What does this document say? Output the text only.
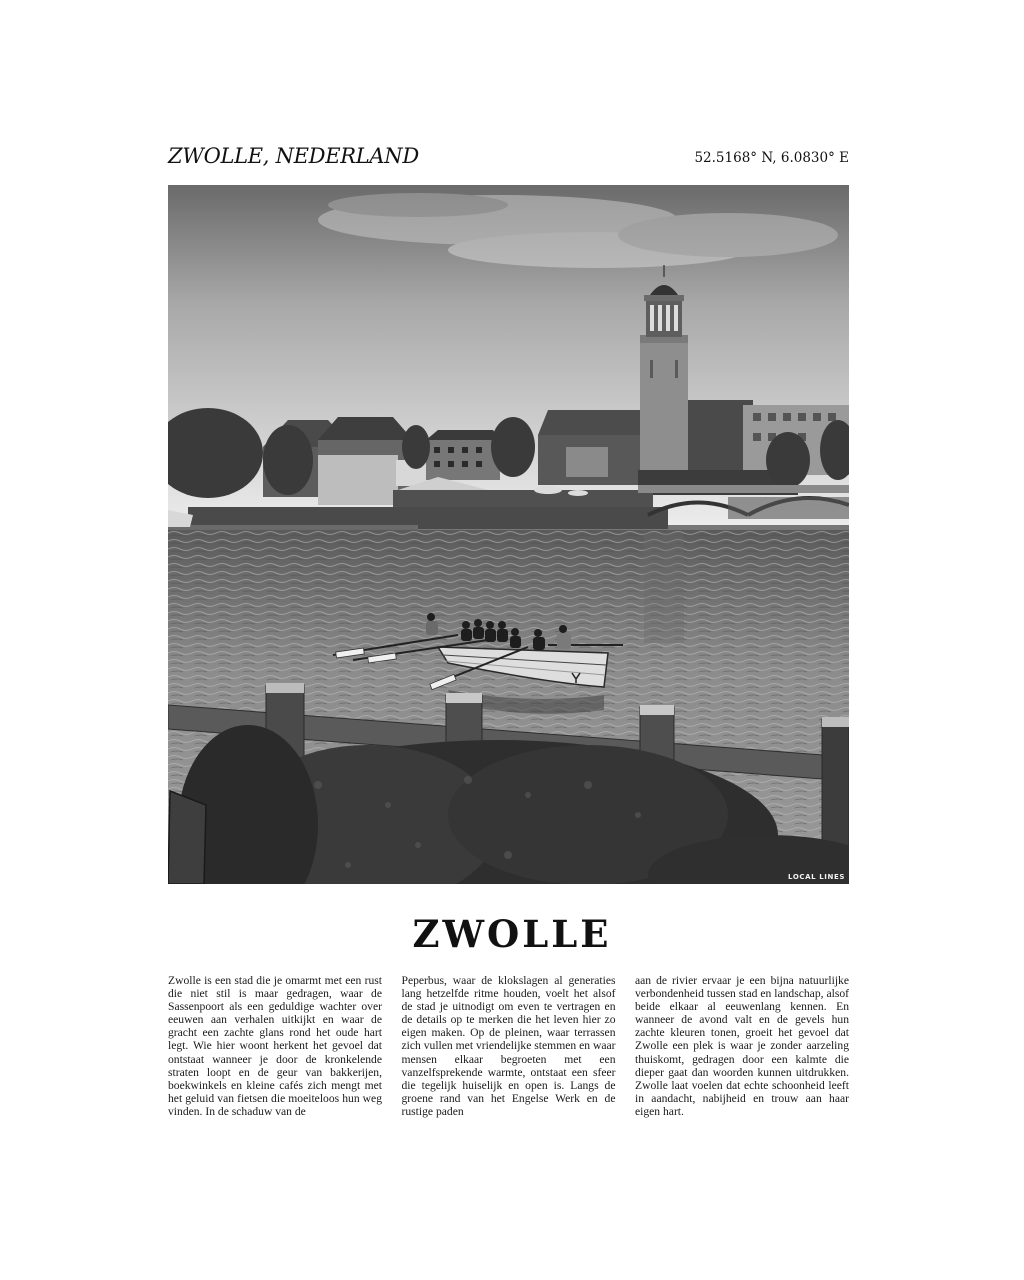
ZWOLLE, NEDERLAND	52.5168° N, 6.0830° E
LOCAL LINES
ZWOLLE

Zwolle is een stad die je omarmt met een rust die niet stil is maar gedragen, waar de Sassenpoort als een geduldige wachter over eeuwen aan verhalen uitkijkt en waar de gracht een zachte glans rond het oude hart legt. Wie hier woont herkent het gevoel dat ontstaat wanneer je door de kronkelende straten loopt en de geur van bakkerijen, boekwinkels en kleine cafés zich mengt met het geluid van fietsen die moeiteloos hun weg vinden. In de schaduw van de

Peperbus, waar de klokslagen al generaties lang hetzelfde ritme houden, voelt het alsof de stad je uitnodigt om even te vertragen en de details op te merken die het leven hier zo eigen maken. Op de pleinen, waar terrassen zich vullen met vriendelijke stemmen en waar mensen elkaar begroeten met een vanzelfsprekende warmte, ontstaat een sfeer die tegelijk huiselijk en open is. Langs de groene rand van het Engelse Werk en de rustige paden

aan de rivier ervaar je een bijna natuurlijke verbondenheid tussen stad en landschap, alsof beide elkaar al eeuwenlang kennen. En wanneer de avond valt en de gevels hun zachte kleuren tonen, groeit het gevoel dat Zwolle een plek is waar je zonder aarzeling thuiskomt, gedragen door een kalmte die dieper gaat dan woorden kunnen uitdrukken. Zwolle laat voelen dat echte schoonheid leeft in aandacht, nabijheid en trouw aan haar eigen hart.
